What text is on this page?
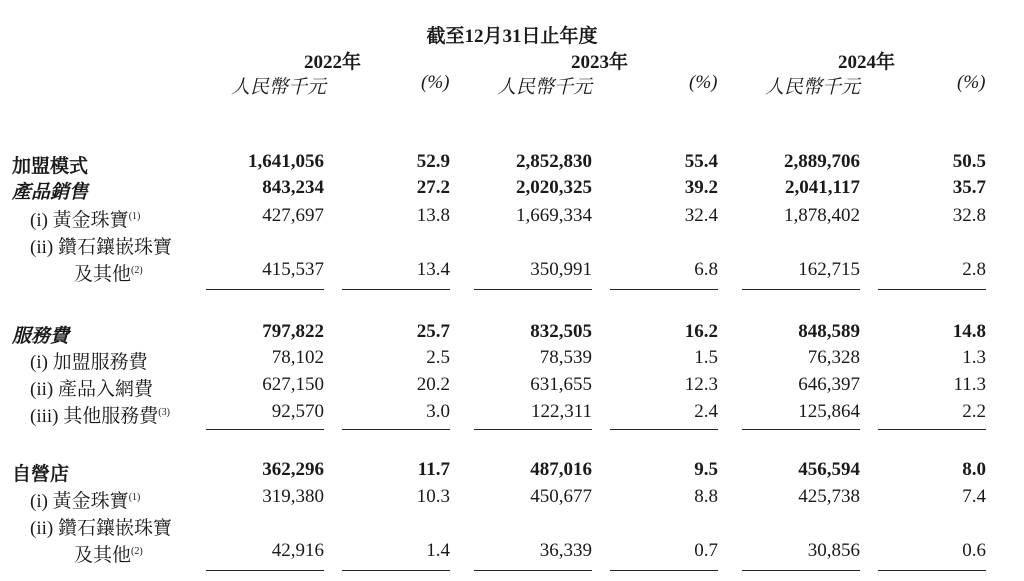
截至12月31日止年度
2022年	2023年	2024年
人民幣千元	(%)	人民幣千元	(%)	人民幣千元	(%)
加盟模式	1,641,056	52.9	2,852,830	55.4	2,889,706	50.5
產品銷售	843,234	27.2	2,020,325	39.2	2,041,117	35.7
(i) 黃金珠寶$^{(1)}$	427,697	13.8	1,669,334	32.4	1,878,402	32.8
(ii) 鑽石鑲嵌珠寶
及其他$^{(2)}$	415,537	13.4	350,991	6.8	162,715	2.8
服務費	797,822	25.7	832,505	16.2	848,589	14.8
(i) 加盟服務費	78,102	2.5	78,539	1.5	76,328	1.3
(ii) 產品入網費	627,150	20.2	631,655	12.3	646,397	11.3
(iii) 其他服務費$^{(3)}$	92,570	3.0	122,311	2.4	125,864	2.2
自營店	362,296	11.7	487,016	9.5	456,594	8.0
(i) 黃金珠寶$^{(1)}$	319,380	10.3	450,677	8.8	425,738	7.4
(ii) 鑽石鑲嵌珠寶
及其他$^{(2)}$	42,916	1.4	36,339	0.7	30,856	0.6
